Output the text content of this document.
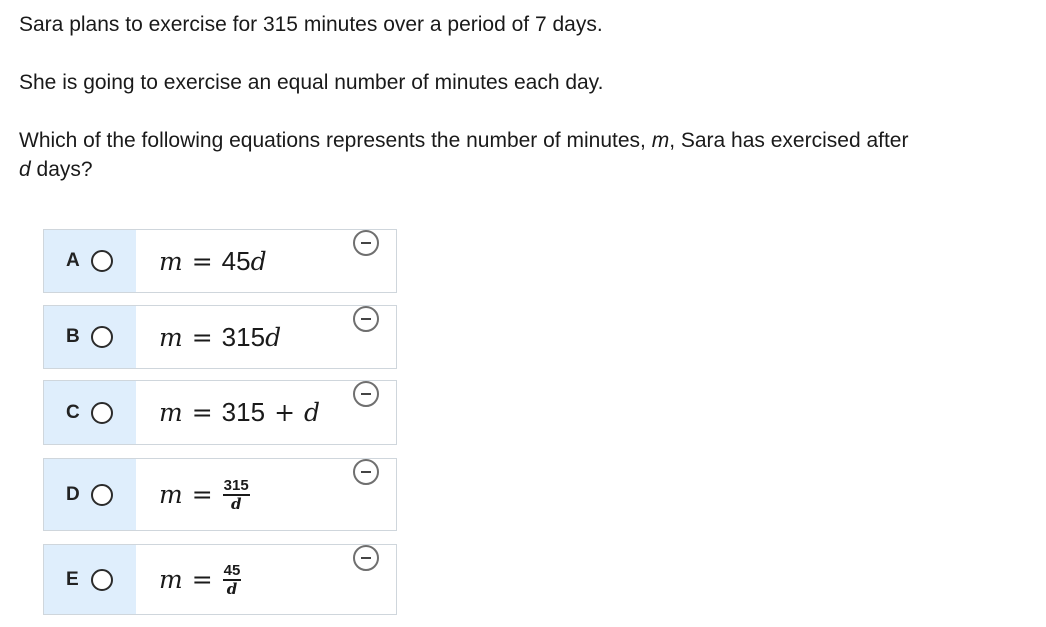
Sara plans to exercise for 315 minutes over a period of 7 days.
She is going to exercise an equal number of minutes each day.
Which of the following equations represents the number of minutes, m, Sara has exercised after
d days?
A	m = 45 d
B	m = 315 d
C	m = 315 + d
D	$m = \frac{315}{d}$
E	$m = \frac{45}{d}$
